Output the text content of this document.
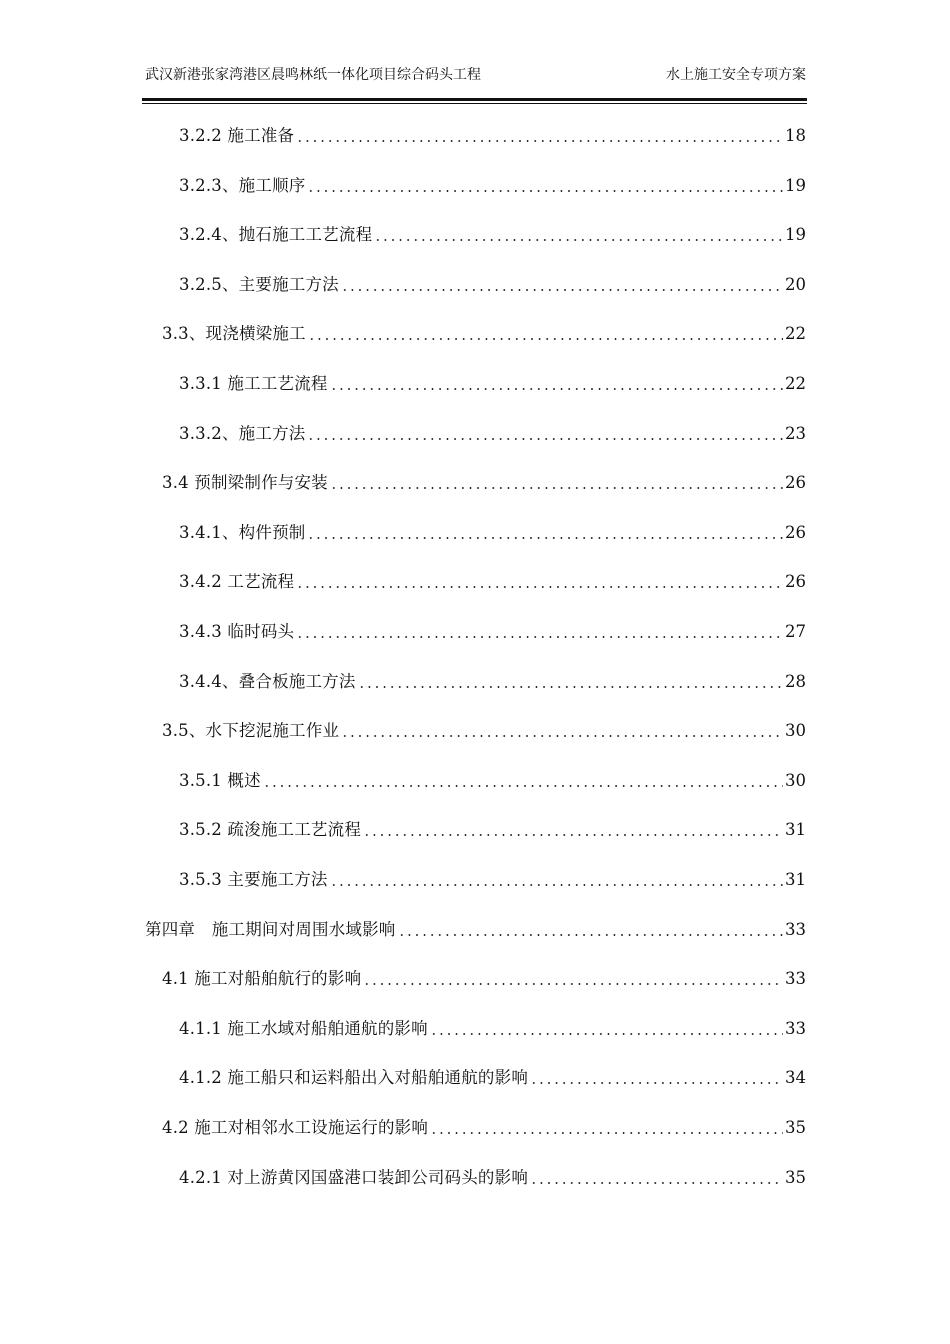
武汉新港张家湾港区晨鸣林纸一体化项目综合码头工程	水上施工安全专项方案
3.2.2 施工准备	18
3.2.3、施工顺序	19
3.2.4、抛石施工工艺流程	19
3.2.5、主要施工方法	20
3.3、现浇横梁施工	22
3.3.1 施工工艺流程	22
3.3.2、施工方法	23
3.4 预制梁制作与安装	26
3.4.1、构件预制	26
3.4.2 工艺流程	26
3.4.3 临时码头	27
3.4.4、叠合板施工方法	28
3.5、水下挖泥施工作业	30
3.5.1 概述	30
3.5.2 疏浚施工工艺流程	31
3.5.3 主要施工方法	31
第四章　施工期间对周围水域影响	33
4.1 施工对船舶航行的影响	33
4.1.1 施工水域对船舶通航的影响	33
4.1.2 施工船只和运料船出入对船舶通航的影响	34
4.2 施工对相邻水工设施运行的影响	35
4.2.1 对上游黄冈国盛港口装卸公司码头的影响	35
